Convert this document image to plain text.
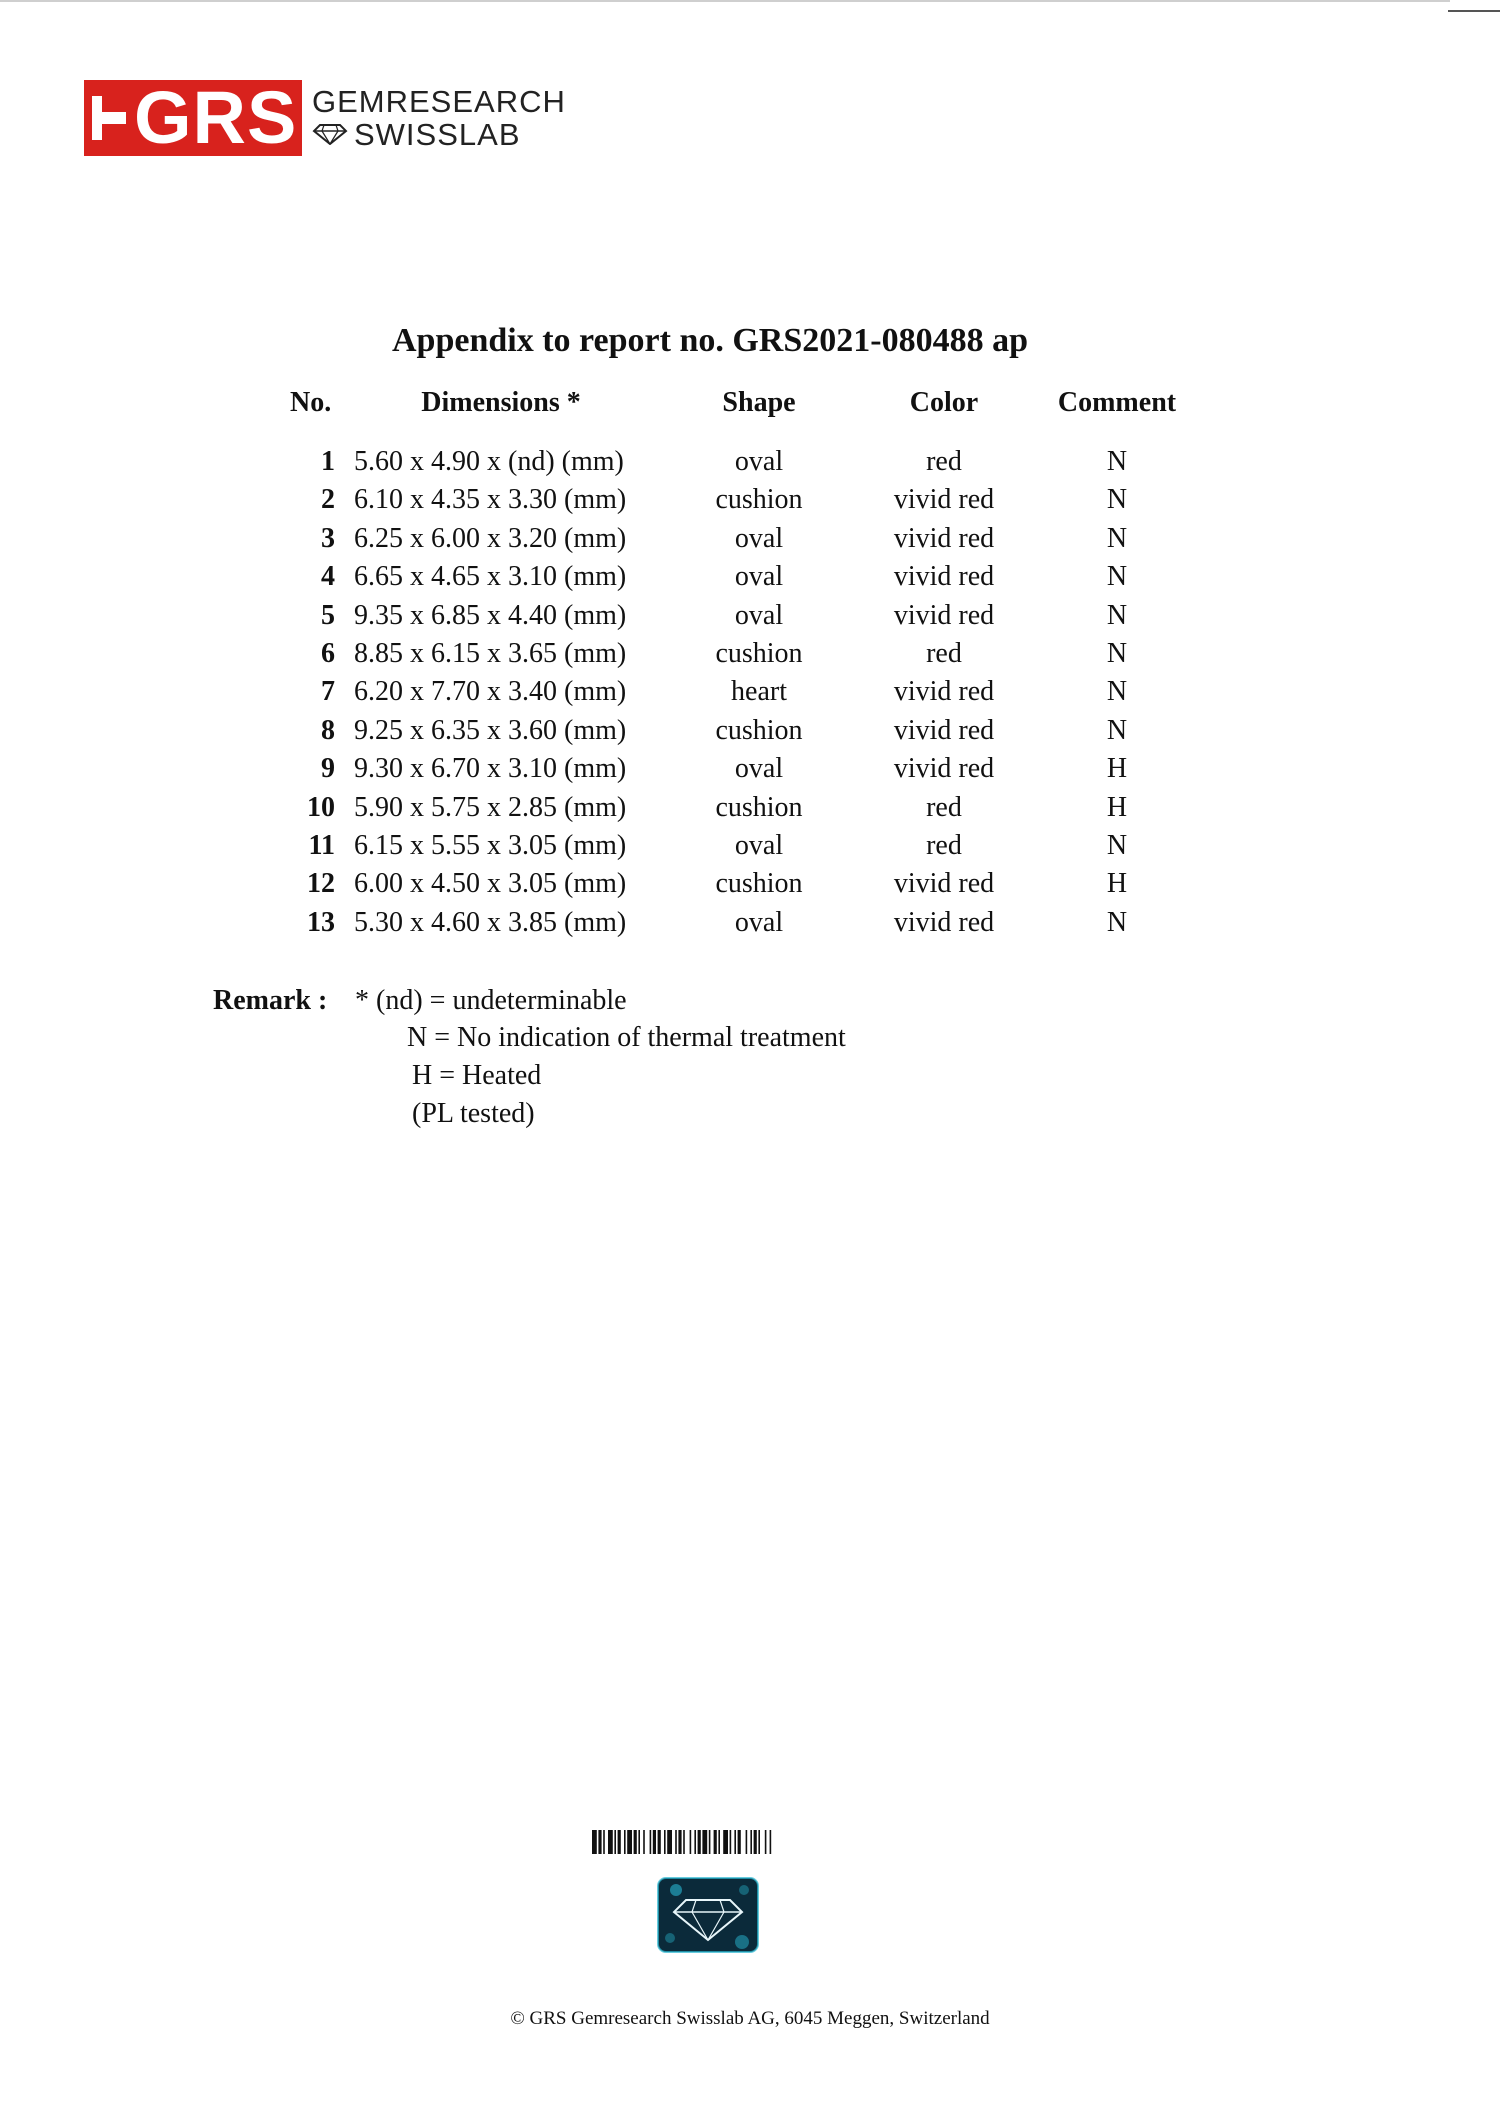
GRS GEMRESEARCH
SWISSLAB
Appendix to report no. GRS2021-080488 ap
No.	Dimensions *	Shape	Color	Comment
1 5.60 x 4.90 x (nd) (mm)	oval	red	N
2 6.10 x 4.35 x 3.30 (mm)	cushion	vivid red	N
3 6.25 x 6.00 x 3.20 (mm)	oval	vivid red	N
4 6.65 x 4.65 x 3.10 (mm)	oval	vivid red	N
5 9.35 x 6.85 x 4.40 (mm)	oval	vivid red	N
6 8.85 x 6.15 x 3.65 (mm)	cushion	red	N
7 6.20 x 7.70 x 3.40 (mm)	heart	vivid red	N
8 9.25 x 6.35 x 3.60 (mm)	cushion	vivid red	N
9 9.30 x 6.70 x 3.10 (mm)	oval	vivid red	H
10 5.90 x 5.75 x 2.85 (mm)	cushion	red	H
11 6.15 x 5.55 x 3.05 (mm)	oval	red	N
12 6.00 x 4.50 x 3.05 (mm)	cushion	vivid red	H
13 5.30 x 4.60 x 3.85 (mm)	oval	vivid red	N
Remark : * (nd) = undeterminable
N = No indication of thermal treatment
H = Heated
(PL tested)
© GRS Gemresearch Swisslab AG, 6045 Meggen, Switzerland
